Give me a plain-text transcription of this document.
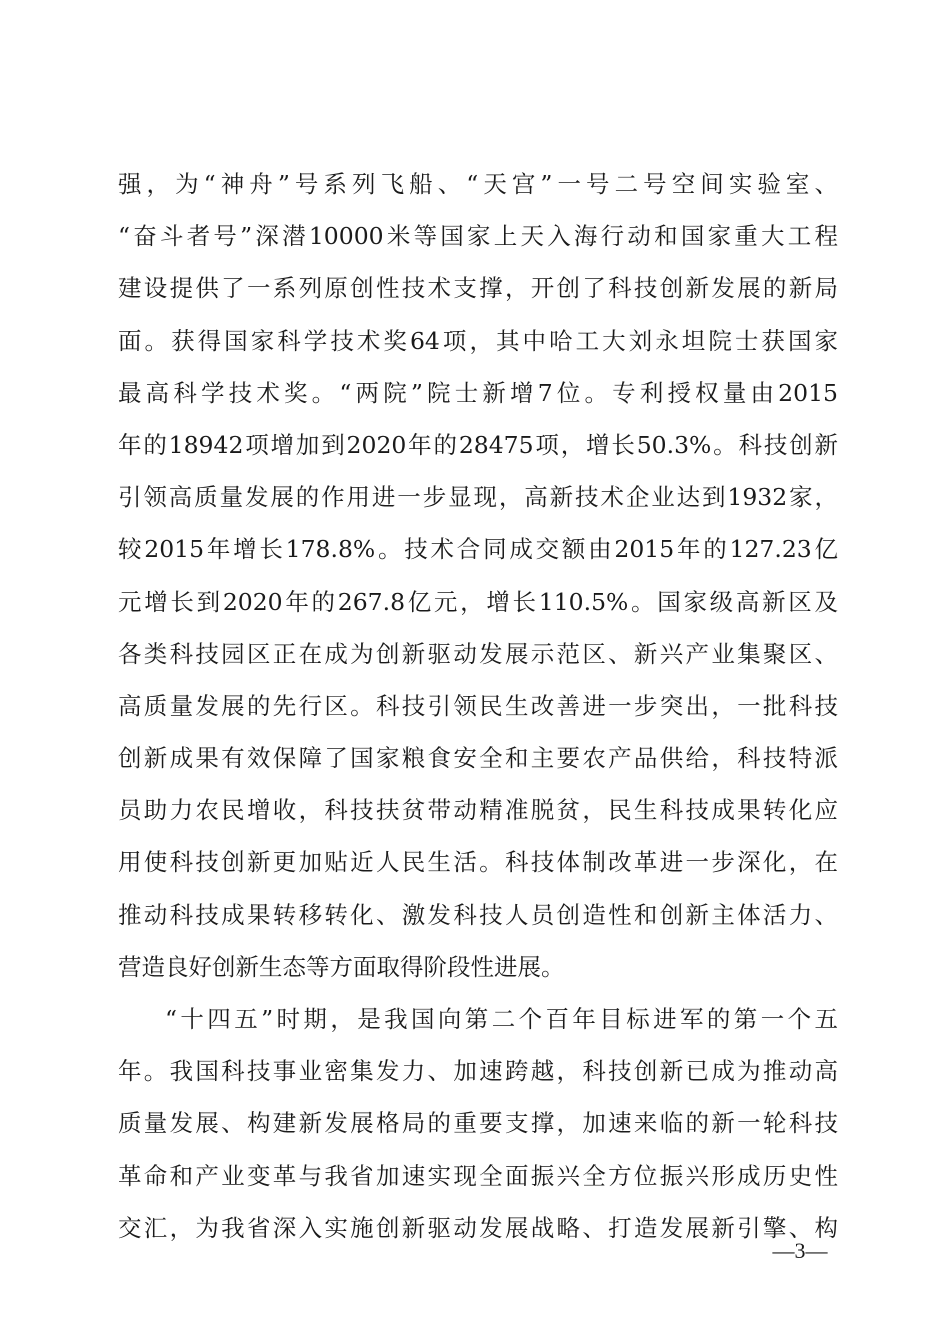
强，为“神舟”号系列飞船、“天宫”一号二号空间实验室、
“奋斗者号”深潜10000米等国家上天入海行动和国家重大工程
建设提供了一系列原创性技术支撑，开创了科技创新发展的新局
面。获得国家科学技术奖64项，其中哈工大刘永坦院士获国家
最高科学技术奖。“两院”院士新增7位。专利授权量由2015
年的18942项增加到2020年的28475项，增长50.3%。科技创新
引领高质量发展的作用进一步显现，高新技术企业达到1932家，
较2015年增长178.8%。技术合同成交额由2015年的127.23亿
元增长到2020年的267.8亿元，增长110.5%。国家级高新区及
各类科技园区正在成为创新驱动发展示范区、新兴产业集聚区、
高质量发展的先行区。科技引领民生改善进一步突出，一批科技
创新成果有效保障了国家粮食安全和主要农产品供给，科技特派
员助力农民增收，科技扶贫带动精准脱贫，民生科技成果转化应
用使科技创新更加贴近人民生活。科技体制改革进一步深化，在
推动科技成果转移转化、激发科技人员创造性和创新主体活力、
营造良好创新生态等方面取得阶段性进展。
“十四五”时期，是我国向第二个百年目标进军的第一个五
年。我国科技事业密集发力、加速跨越，科技创新已成为推动高
质量发展、构建新发展格局的重要支撑，加速来临的新一轮科技
革命和产业变革与我省加速实现全面振兴全方位振兴形成历史性
交汇，为我省深入实施创新驱动发展战略、打造发展新引擎、构
—3—
